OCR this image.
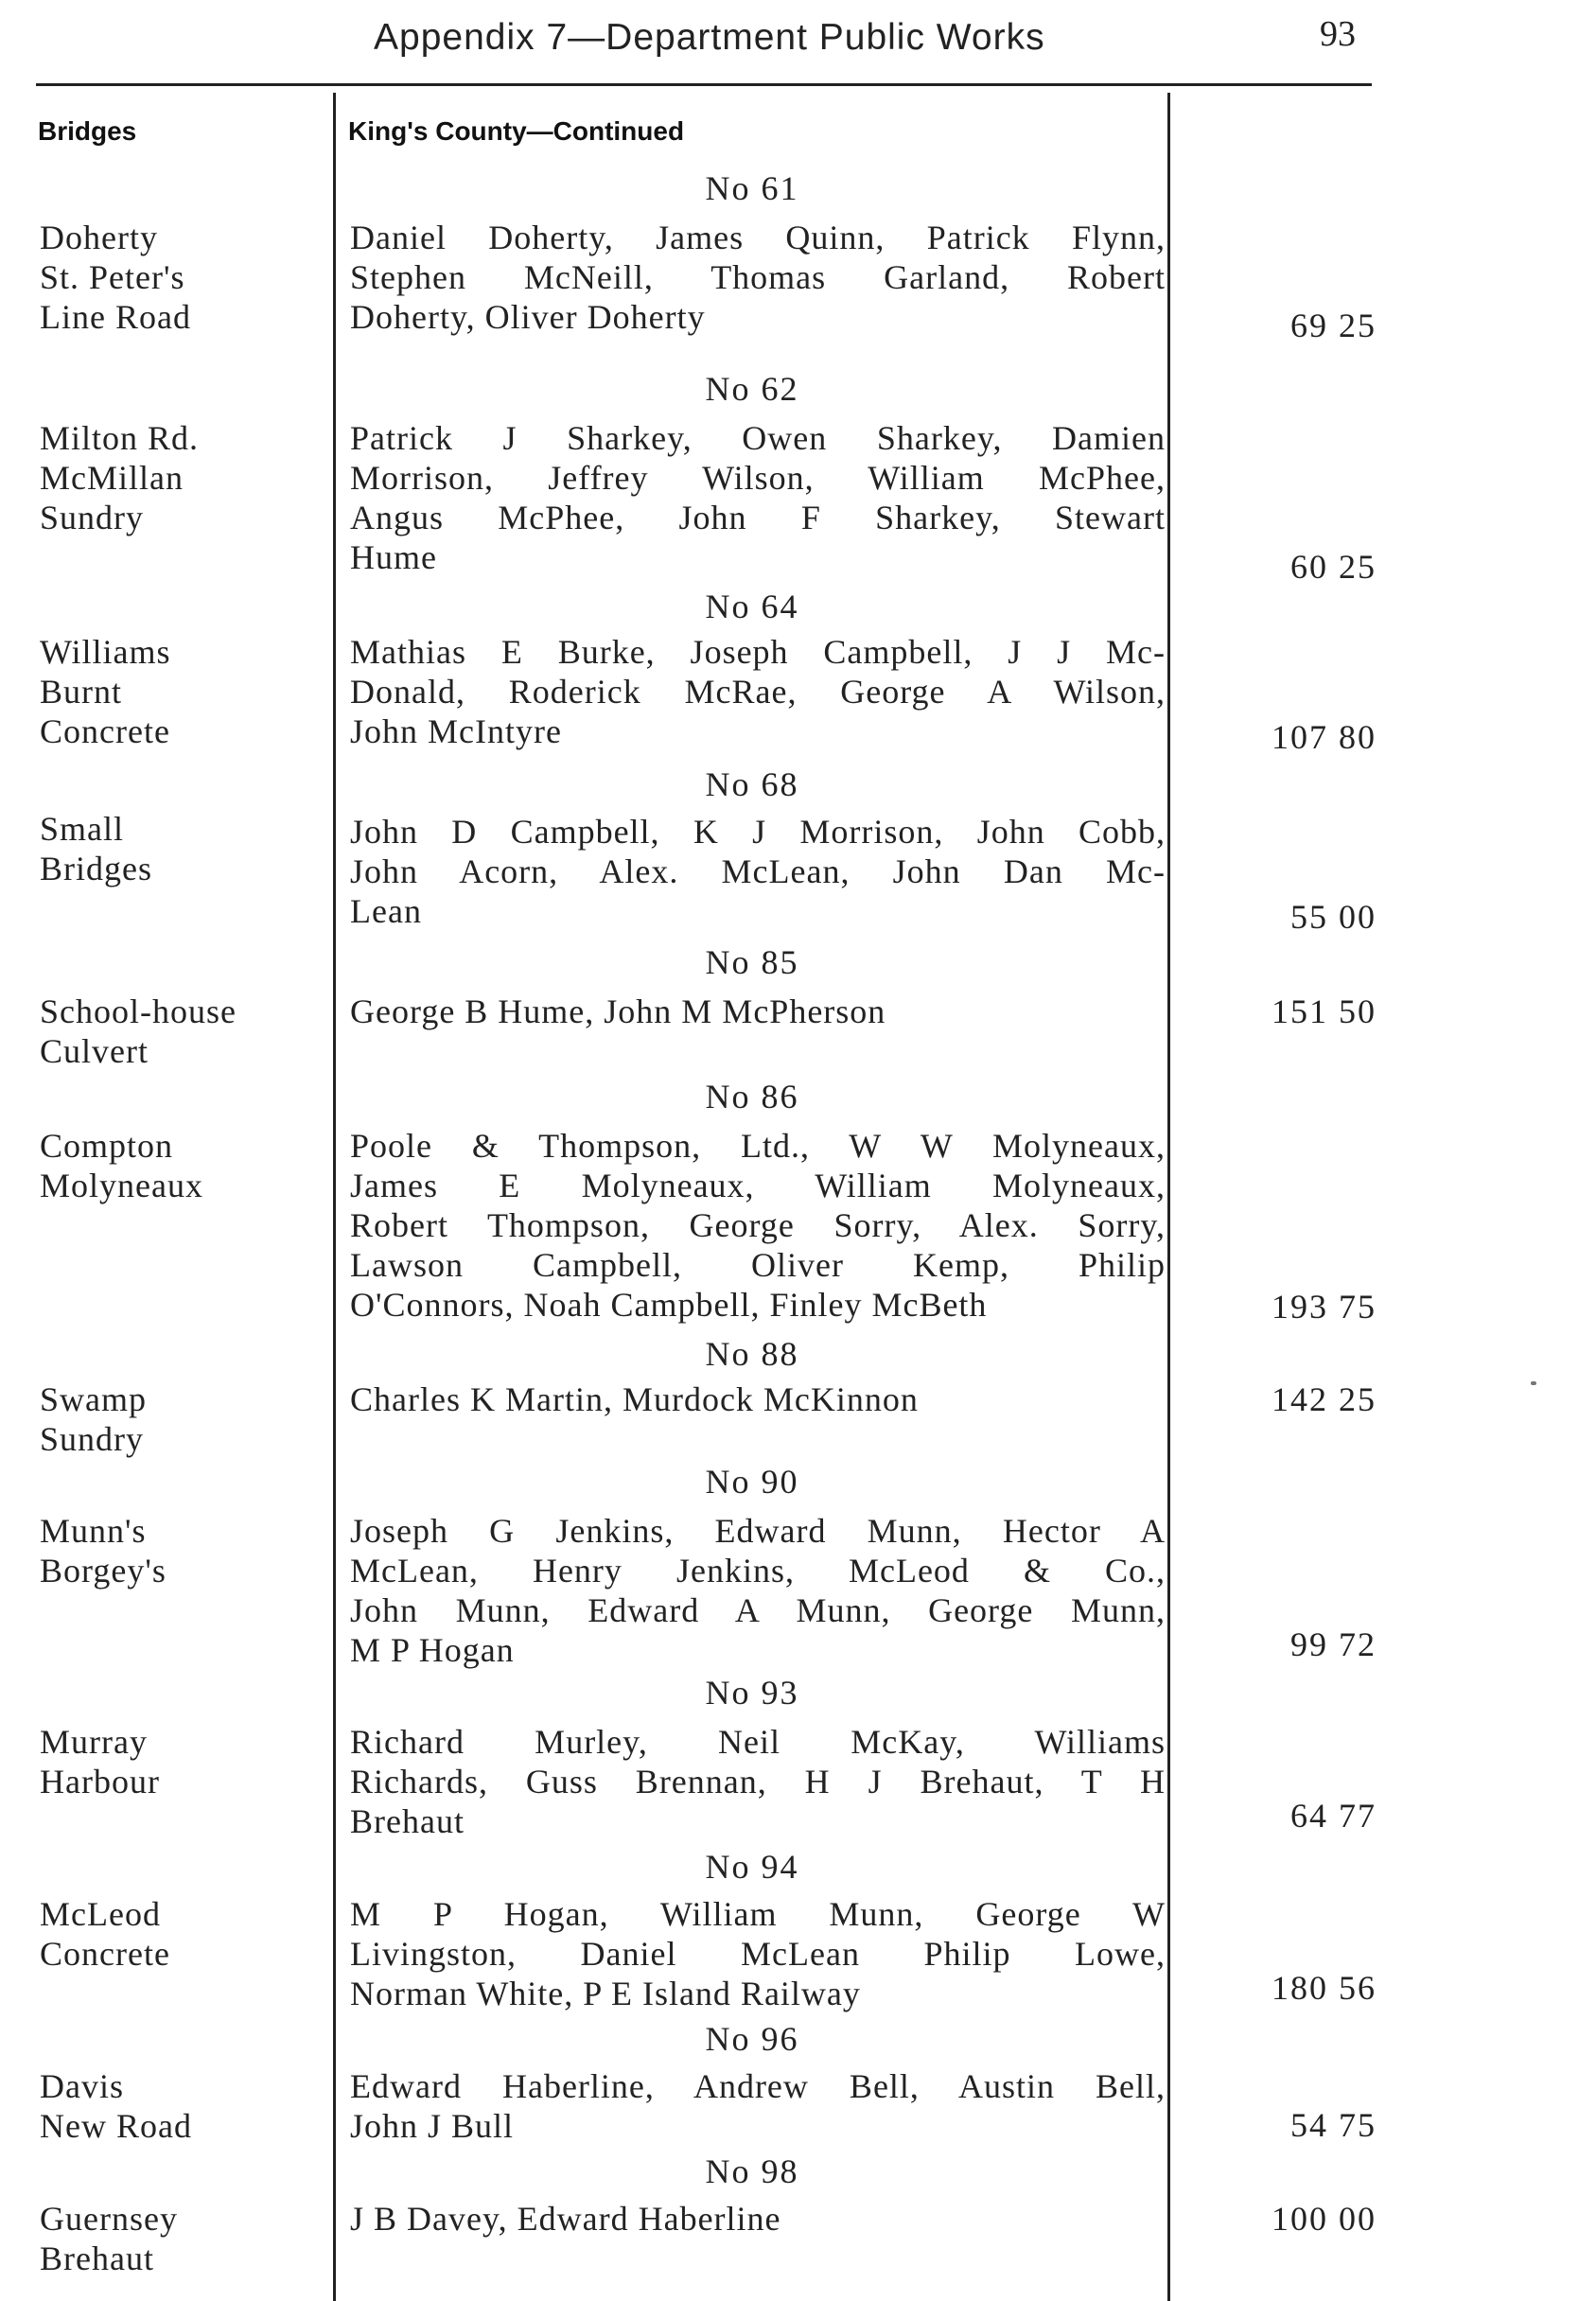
Appendix 7—Department Public Works	93
Bridges	King's County—Continued
No 61
Doherty
St. Peter's
Line Road
Daniel Doherty, James Quinn, Patrick Flynn,
Stephen McNeill, Thomas Garland, Robert
Doherty, Oliver Doherty	69 25
No 62
Milton Rd.
McMillan
Sundry
Patrick J Sharkey, Owen Sharkey, Damien
Morrison, Jeffrey Wilson, William McPhee,
Angus McPhee, John F Sharkey, Stewart
Hume	60 25
No 64
Williams
Burnt
Concrete
Mathias E Burke, Joseph Campbell, J J Mc-
Donald, Roderick McRae, George A Wilson,
John McIntyre	107 80
No 68
Small
Bridges
John D Campbell, K J Morrison, John Cobb,
John Acorn, Alex. McLean, John Dan Mc-
Lean	55 00
No 85
School-house
Culvert
George B Hume, John M McPherson	151 50
No 86
Compton
Molyneaux
Poole & Thompson, Ltd., W W Molyneaux,
James E Molyneaux, William Molyneaux,
Robert Thompson, George Sorry, Alex. Sorry,
Lawson Campbell, Oliver Kemp, Philip
O'Connors, Noah Campbell, Finley McBeth	193 75
No 88
Swamp
Sundry
Charles K Martin, Murdock McKinnon	142 25
No 90
Munn's
Borgey's
Joseph G Jenkins, Edward Munn, Hector A
McLean, Henry Jenkins, McLeod & Co.,
John Munn, Edward A Munn, George Munn,
M P Hogan	99 72
No 93
Murray
Harbour
Richard Murley, Neil McKay, Williams
Richards, Guss Brennan, H J Brehaut, T H
Brehaut	64 77
No 94
McLeod
Concrete
M P Hogan, William Munn, George W
Livingston, Daniel McLean Philip Lowe,
Norman White, P E Island Railway	180 56
No 96
Davis
New Road
Edward Haberline, Andrew Bell, Austin Bell,
John J Bull	54 75
No 98
Guernsey
Brehaut
J B Davey, Edward Haberline	100 00
